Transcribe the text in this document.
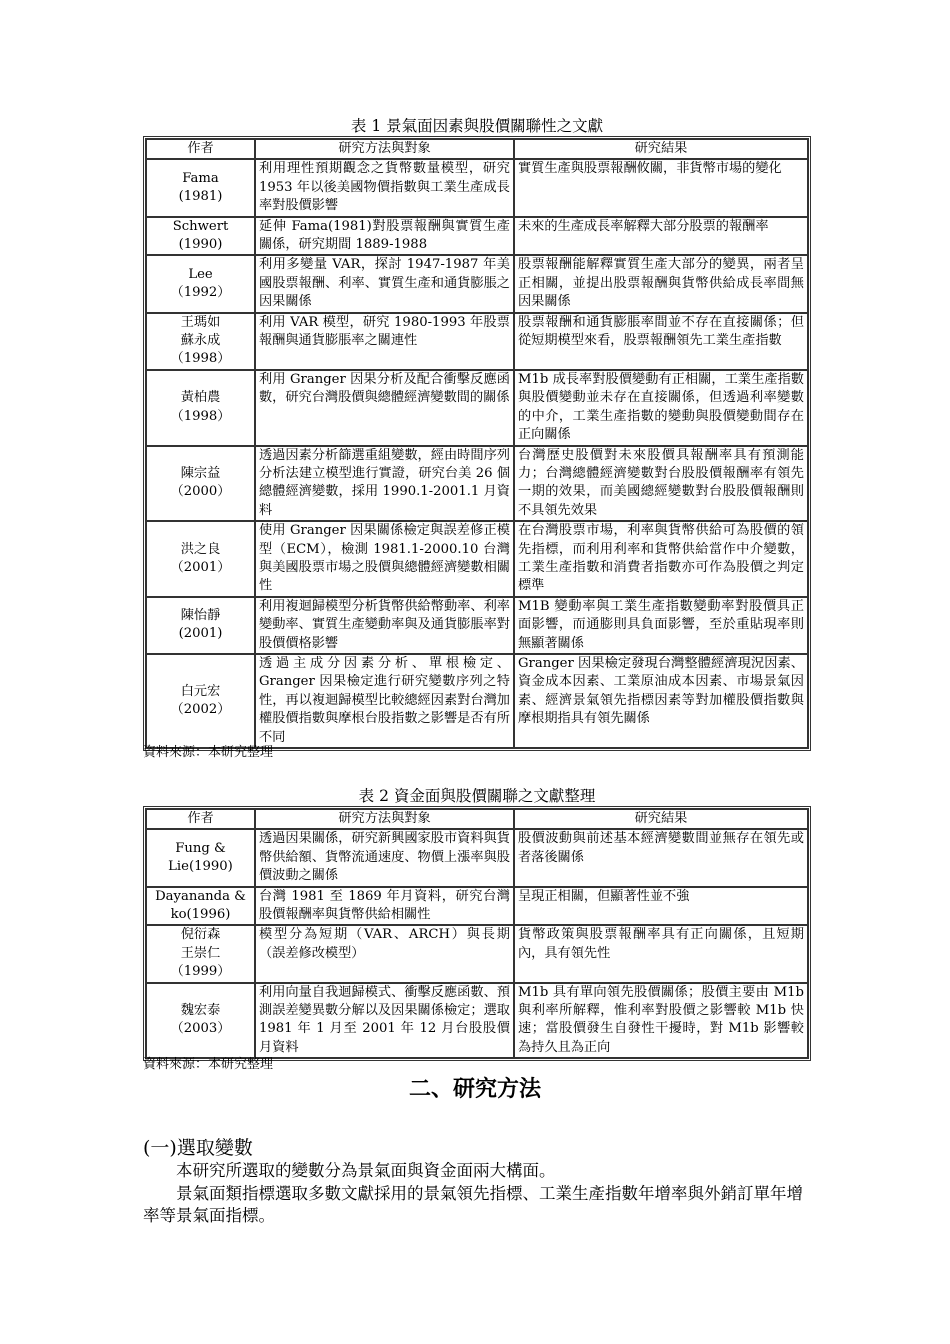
表 1 景氣面因素與股價關聯性之文獻
作者	研究方法與對象	研究結果
Fama
(1981)	利用理性預期觀念之貨幣數量模型，研究 1953 年以後美國物價指數與工業生產成長率對股價影響	實質生產與股票報酬攸關，非貨幣市場的變化
Schwert
(1990)	延伸 Fama(1981)對股票報酬與實質生產關係，研究期間 1889-1988	未來的生產成長率解釋大部分股票的報酬率
Lee
（1992）	利用多變量 VAR，探討 1947-1987 年美國股票報酬、利率、實質生產和通貨膨脹之因果關係	股票報酬能解釋實質生產大部分的變異，兩者呈正相關，並提出股票報酬與貨幣供給成長率間無因果關係
王瑪如
蘇永成
（1998）	利用 VAR 模型，研究 1980-1993 年股票報酬與通貨膨脹率之關連性	股票報酬和通貨膨脹率間並不存在直接關係；但從短期模型來看，股票報酬領先工業生產指數
黃柏農
（1998）	利用 Granger 因果分析及配合衝擊反應函數，研究台灣股價與總體經濟變數間的關係	M1b 成長率對股價變動有正相關，工業生產指數與股價變動並未存在直接關係，但透過利率變數的中介，工業生產指數的變動與股價變動間存在正向關係
陳宗益
（2000）	透過因素分析篩選重組變數，經由時間序列分析法建立模型進行實證，研究台美 26 個總體經濟變數，採用 1990.1-2001.1 月資料	台灣歷史股價對未來股價具報酬率具有預測能力；台灣總體經濟變數對台股股價報酬率有領先一期的效果，而美國總經變數對台股股價報酬則不具領先效果
洪之良
（2001）	使用 Granger 因果關係檢定與誤差修正模型（ECM），檢測 1981.1-2000.10 台灣與美國股票市場之股價與總體經濟變數相關性	在台灣股票市場，利率與貨幣供給可為股價的領先指標，而利用利率和貨幣供給當作中介變數，工業生產指數和消費者指數亦可作為股價之判定標準
陳怡靜
(2001)	利用複迴歸模型分析貨幣供給幣動率、利率變動率、實質生產變動率與及通貨膨脹率對股價價格影響	M1B 變動率與工業生產指數變動率對股價具正面影響，而通膨則具負面影響，至於重貼現率則無顯著關係
白元宏
（2002）	透過主成分因素分析、單根檢定、Granger 因果檢定進行研究變數序列之特性，再以複迴歸模型比較總經因素對台灣加權股價指數與摩根台股指數之影響是否有所不同	Granger 因果檢定發現台灣整體經濟現況因素、資金成本因素、工業原油成本因素、市場景氣因素、經濟景氣領先指標因素等對加權股價指數與摩根期指具有領先關係
資料來源：本研究整理
表 2 資金面與股價關聯之文獻整理
作者	研究方法與對象	研究結果
Fung &
Lie(1990)	透過因果關係，研究新興國家股市資料與貨幣供給額、貨幣流通速度、物價上漲率與股價波動之關係	股價波動與前述基本經濟變數間並無存在領先或者落後關係
Dayananda &
ko(1996)	台灣 1981 至 1869 年月資料，研究台灣股價報酬率與貨幣供給相關性	呈現正相關，但顯著性並不強
倪衍森
王崇仁
（1999）	模型分為短期（VAR、ARCH）與長期（誤差修改模型）	貨幣政策與股票報酬率具有正向關係，且短期內，具有領先性
魏宏泰
（2003）	利用向量自我迴歸模式、衝擊反應函數、預測誤差變異數分解以及因果關係檢定；選取 1981 年 1 月至 2001 年 12 月台股股價月資料	M1b 具有單向領先股價關係；股價主要由 M1b 與利率所解釋，惟利率對股價之影響較 M1b 快速；當股價發生自發性干擾時，對 M1b 影響較為持久且為正向
資料來源：本研究整理
二、研究方法
(一)選取變數
本研究所選取的變數分為景氣面與資金面兩大構面。
景氣面類指標選取多數文獻採用的景氣領先指標、工業生產指數年增率與外銷訂單年增率等景氣面指標。
